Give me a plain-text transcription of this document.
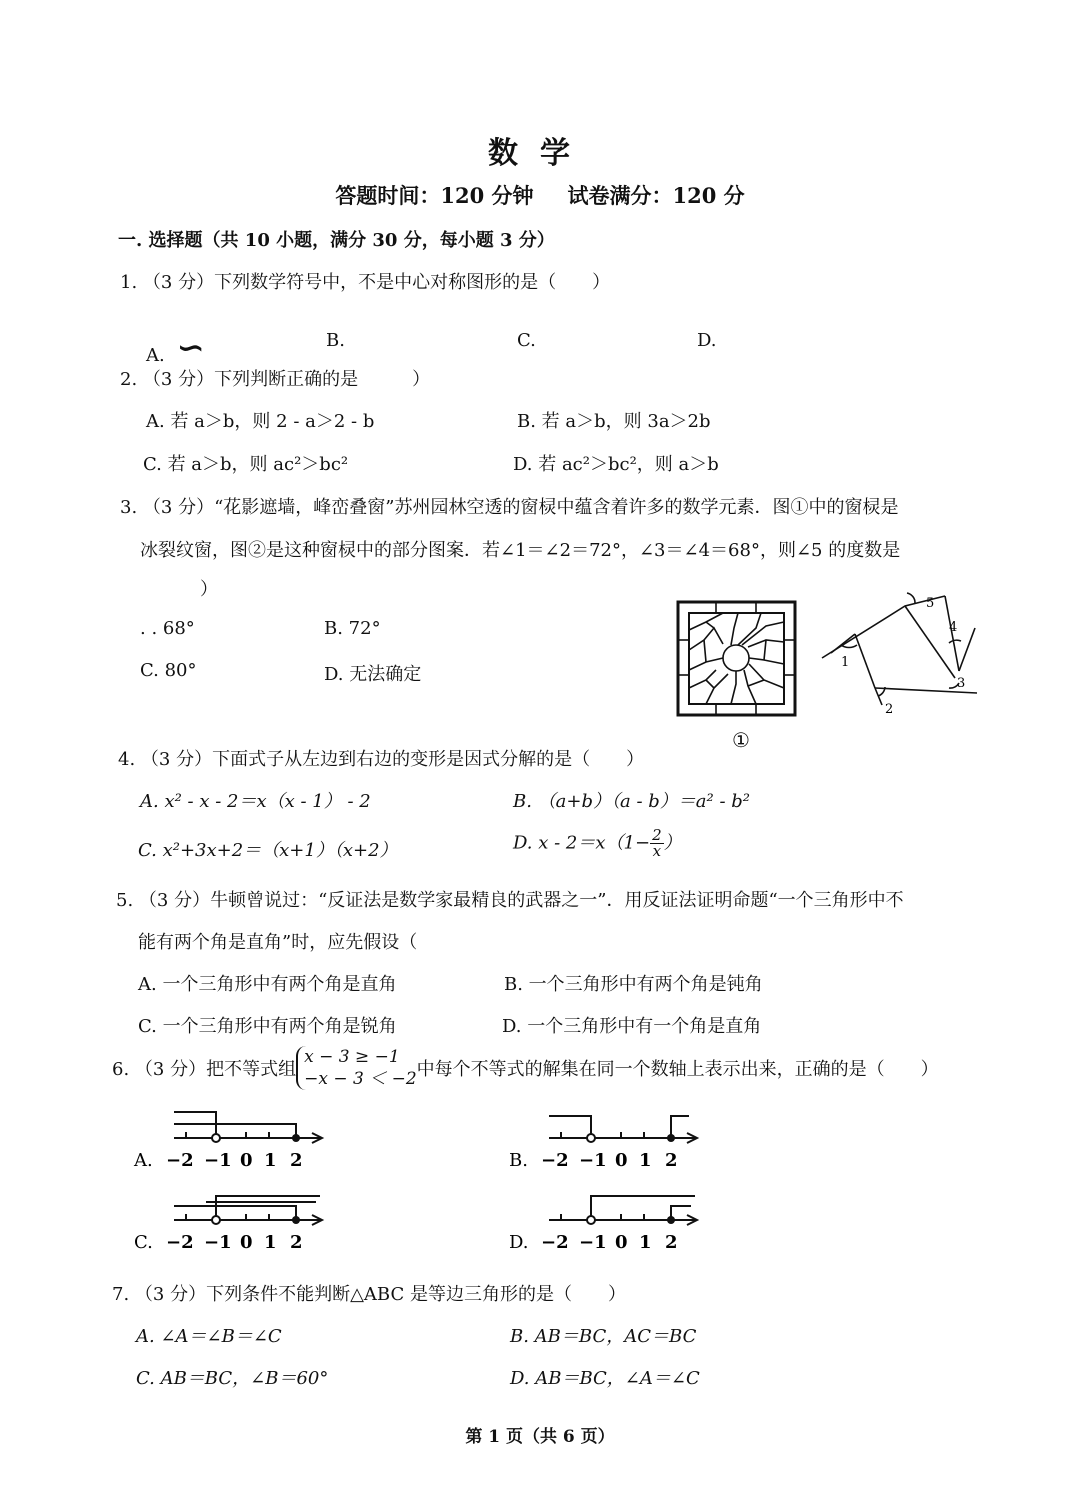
数学
答题时间：120 分钟 试卷满分：120 分
一. 选择题（共 10 小题，满分 30 分，每小题 3 分）
1. （3 分）下列数学符号中，不是中心对称图形的是（　　）
A. ∽	B.	C.	D.
2. （3 分）下列判断正确的是　　　）
A. 若 a＞b，则 2 - a＞2 - b	B. 若 a＞b，则 3a＞2b
C. 若 a＞b，则 ac²＞bc²	D. 若 ac²＞bc²，则 a＞b
3. （3 分）“花影遮墙，峰峦叠窗”苏州园林空透的窗棂中蕴含着许多的数学元素．图①中的窗棂是
冰裂纹窗，图②是这种窗棂中的部分图案．若∠1＝∠2＝72°，∠3＝∠4＝68°，则∠5 的度数是
）
. . 68°	B. 72°
C. 80°	D. 无法确定
①
1
2
3
4
5
4. （3 分）下面式子从左边到右边的变形是因式分解的是（　　）
A. x² - x - 2＝x（x - 1） - 2	B. （a+b）（a - b）＝a² - b²
C. x²+3x+2＝（x+1）（x+2）	D. $x - 2=x(1- \frac{2}{x}$ ）
5. （3 分）牛顿曾说过：“反证法是数学家最精良的武器之一”．用反证法证明命题“一个三角形中不
能有两个角是直角”时，应先假设（
A. 一个三角形中有两个角是直角	B. 一个三角形中有两个角是钝角
C. 一个三角形中有两个角是锐角	D. 一个三角形中有一个角是直角
6. （3 分）把不等式组
x − 3 ≥ −1
−x − 3 ＜ −2 中每个不等式的解集在同一个数轴上表示出来，正确的是（　　）
A. −2 −1 0 1 2	B. −2 −1 0 1 2
C. −2 −1 0 1 2	D. −2 −1 0 1 2
7. （3 分）下列条件不能判断△ABC 是等边三角形的是（　　）
A. ∠A＝∠B＝∠C	B. AB＝BC，AC＝BC
C. AB＝BC，∠B＝60°	D. AB＝BC，∠A＝∠C
第 1 页（共 6 页）
